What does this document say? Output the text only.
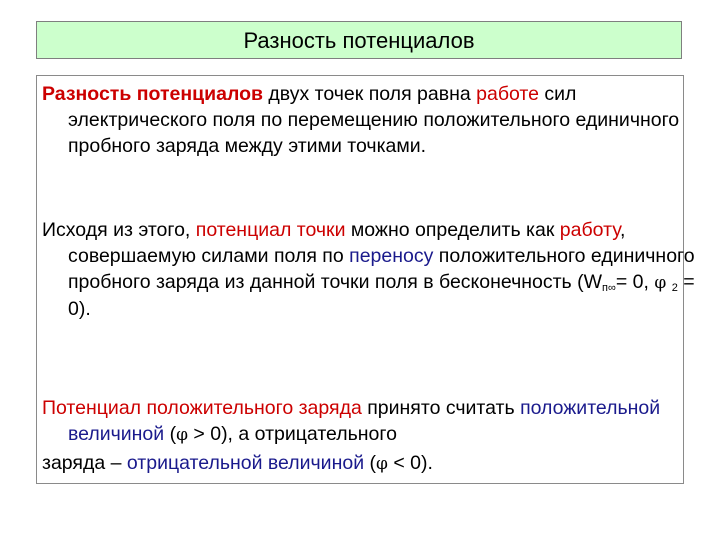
Разность потенциалов
Разность потенциалов двух точек поля равна работе сил электрического поля по перемещению положительного единичного пробного заряда между этими точками.
Исходя из этого, потенциал точки можно определить как работу, совершаемую силами поля по переносу положительного единичного пробного заряда из данной точки поля в бесконечность ($W_{п\infty}= 0$, φ $_2$ = 0).
Потенциал положительного заряда принято считать положительной величиной (φ > 0), а отрицательного
заряда – отрицательной величиной (φ < 0).
